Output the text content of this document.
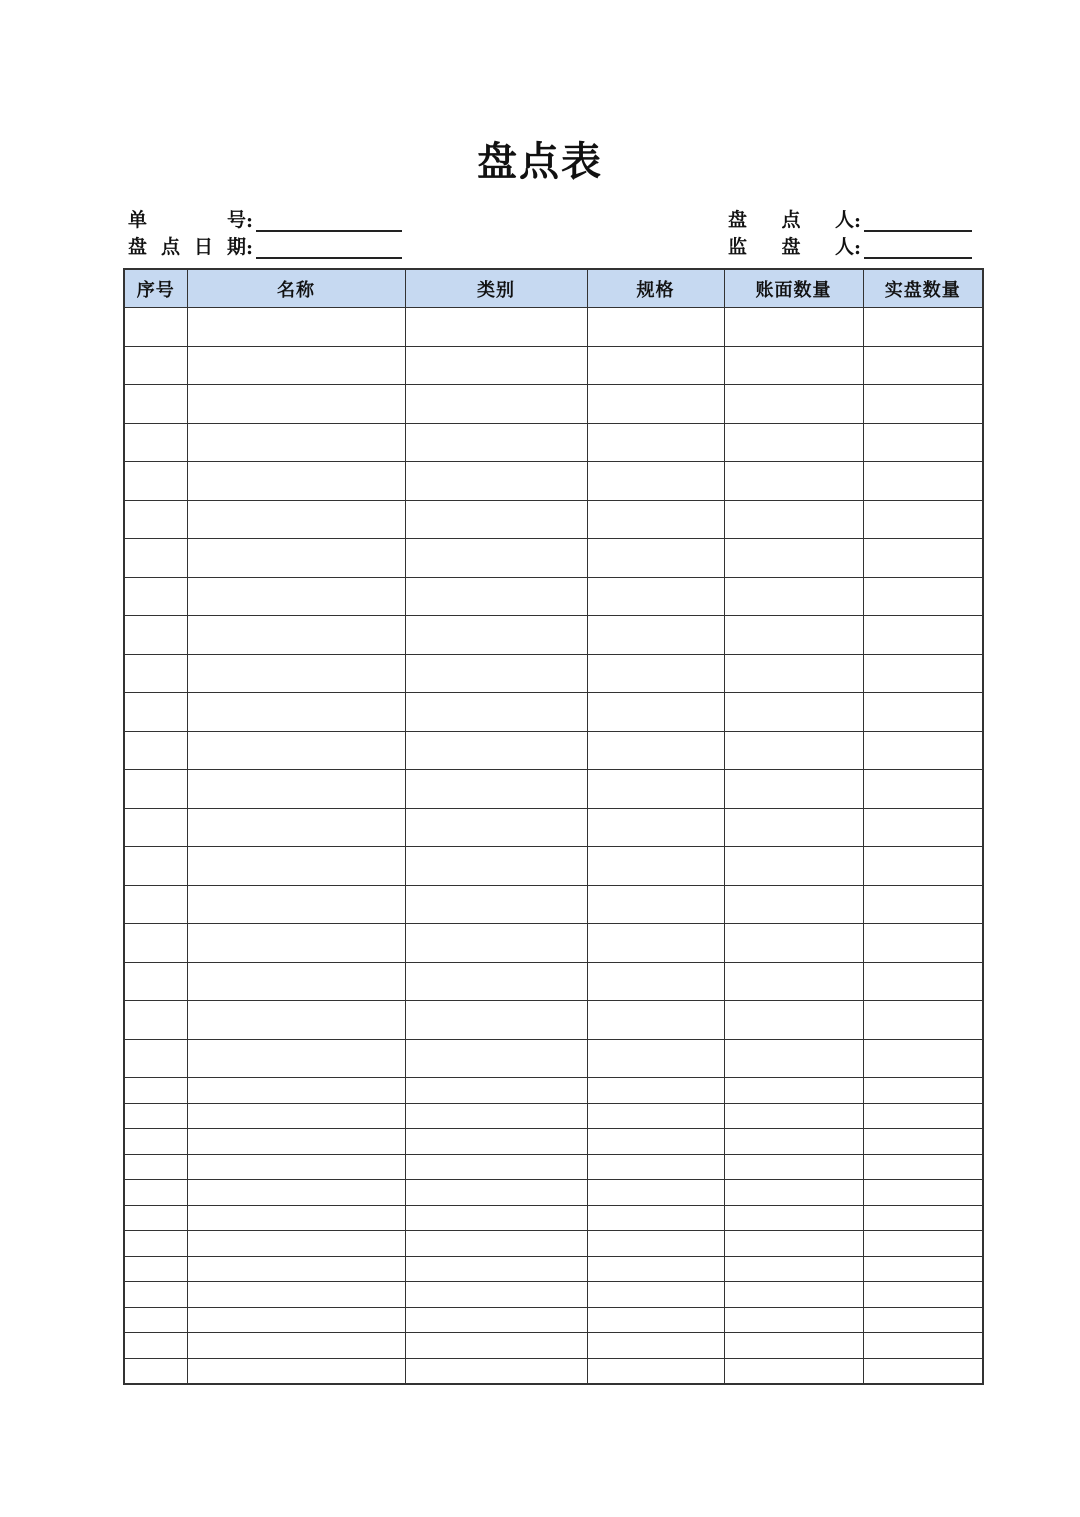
盘点表
单	号 :
盘 点 日 期 :
盘 点 人 :
监 盘 人 :
序号	名称	类别	规格	账面数量	实盘数量
